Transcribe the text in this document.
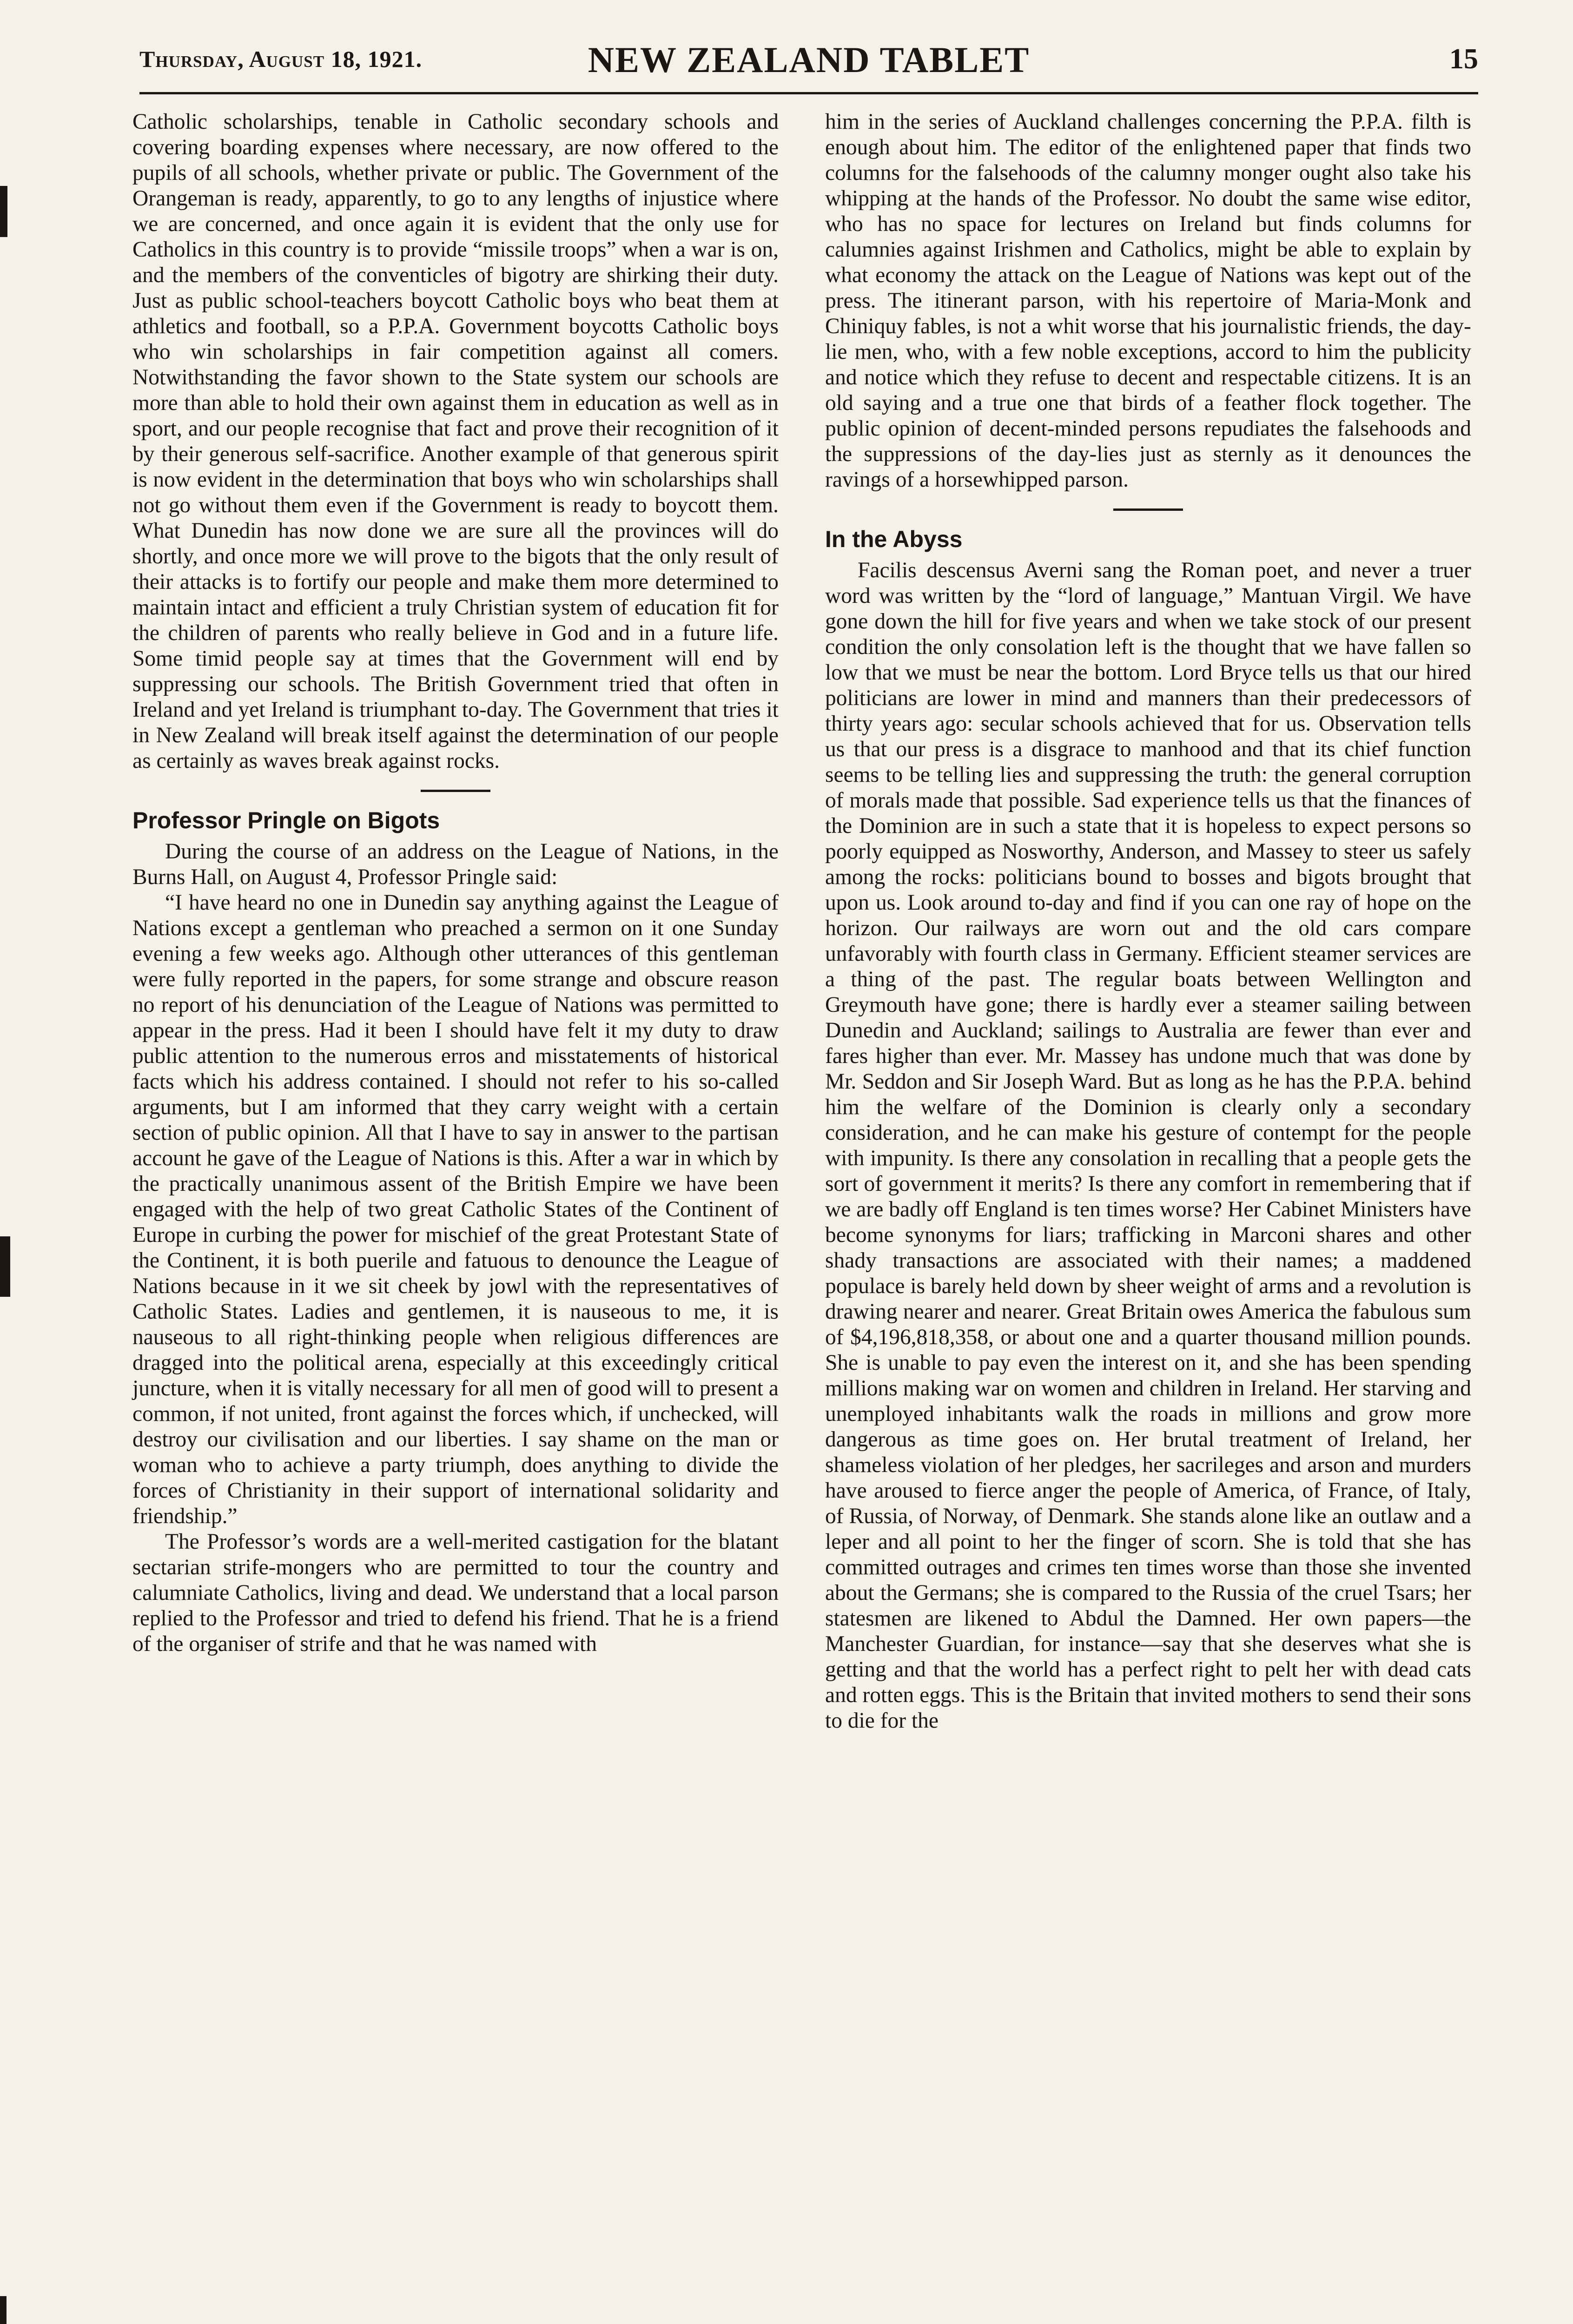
Thursday, August 18, 1921.	NEW ZEALAND TABLET	15

Catholic scholarships, tenable in Catholic secondary schools and covering boarding expenses where necessary, are now offered to the pupils of all schools, whether private or public. The Government of the Orangeman is ready, apparently, to go to any lengths of injustice where we are concerned, and once again it is evident that the only use for Catholics in this country is to provide “missile troops” when a war is on, and the members of the conventicles of bigotry are shirking their duty. Just as public school-teachers boycott Catholic boys who beat them at athletics and football, so a P.P.A. Government boycotts Catholic boys who win scholarships in fair competition against all comers. Notwithstanding the favor shown to the State system our schools are more than able to hold their own against them in education as well as in sport, and our people recognise that fact and prove their recognition of it by their generous self-sacrifice. Another example of that generous spirit is now evident in the determination that boys who win scholarships shall not go without them even if the Government is ready to boycott them. What Dunedin has now done we are sure all the provinces will do shortly, and once more we will prove to the bigots that the only result of their attacks is to fortify our people and make them more determined to maintain intact and efficient a truly Christian system of education fit for the children of parents who really believe in God and in a future life. Some timid people say at times that the Government will end by suppressing our schools. The British Government tried that often in Ireland and yet Ireland is triumphant to-day. The Government that tries it in New Zealand will break itself against the determination of our people as certainly as waves break against rocks.

Professor Pringle on Bigots

During the course of an address on the League of Nations, in the Burns Hall, on August 4, Professor Pringle said:

“I have heard no one in Dunedin say anything against the League of Nations except a gentleman who preached a sermon on it one Sunday evening a few weeks ago. Although other utterances of this gentleman were fully reported in the papers, for some strange and obscure reason no report of his denunciation of the League of Nations was permitted to appear in the press. Had it been I should have felt it my duty to draw public attention to the numerous erros and misstatements of historical facts which his address contained. I should not refer to his so-called arguments, but I am informed that they carry weight with a certain section of public opinion. All that I have to say in answer to the partisan account he gave of the League of Nations is this. After a war in which by the practically unanimous assent of the British Empire we have been engaged with the help of two great Catholic States of the Continent of Europe in curbing the power for mischief of the great Protestant State of the Continent, it is both puerile and fatuous to denounce the League of Nations because in it we sit cheek by jowl with the representatives of Catholic States. Ladies and gentlemen, it is nauseous to me, it is nauseous to all right-thinking people when religious differences are dragged into the political arena, especially at this exceedingly critical juncture, when it is vitally necessary for all men of good will to present a common, if not united, front against the forces which, if unchecked, will destroy our civilisation and our liberties. I say shame on the man or woman who to achieve a party triumph, does anything to divide the forces of Christianity in their support of international solidarity and friendship.”

The Professor’s words are a well-merited castigation for the blatant sectarian strife-mongers who are permitted to tour the country and calumniate Catholics, living and dead. We understand that a local parson replied to the Professor and tried to defend his friend. That he is a friend of the organiser of strife and that he was named with

him in the series of Auckland challenges concerning the P.P.A. filth is enough about him. The editor of the enlightened paper that finds two columns for the falsehoods of the calumny monger ought also take his whipping at the hands of the Professor. No doubt the same wise editor, who has no space for lectures on Ireland but finds columns for calumnies against Irishmen and Catholics, might be able to explain by what economy the attack on the League of Nations was kept out of the press. The itinerant parson, with his repertoire of Maria-Monk and Chiniquy fables, is not a whit worse that his journalistic friends, the day-lie men, who, with a few noble exceptions, accord to him the publicity and notice which they refuse to decent and respectable citizens. It is an old saying and a true one that birds of a feather flock together. The public opinion of decent-minded persons repudiates the falsehoods and the suppressions of the day-lies just as sternly as it denounces the ravings of a horsewhipped parson.

In the Abyss

Facilis descensus Averni sang the Roman poet, and never a truer word was written by the “lord of language,” Mantuan Virgil. We have gone down the hill for five years and when we take stock of our present condition the only consolation left is the thought that we have fallen so low that we must be near the bottom. Lord Bryce tells us that our hired politicians are lower in mind and manners than their predecessors of thirty years ago: secular schools achieved that for us. Observation tells us that our press is a disgrace to manhood and that its chief function seems to be telling lies and suppressing the truth: the general corruption of morals made that possible. Sad experience tells us that the finances of the Dominion are in such a state that it is hopeless to expect persons so poorly equipped as Nosworthy, Anderson, and Massey to steer us safely among the rocks: politicians bound to bosses and bigots brought that upon us. Look around to-day and find if you can one ray of hope on the horizon. Our railways are worn out and the old cars compare unfavorably with fourth class in Germany. Efficient steamer services are a thing of the past. The regular boats between Wellington and Greymouth have gone; there is hardly ever a steamer sailing between Dunedin and Auckland; sailings to Australia are fewer than ever and fares higher than ever. Mr. Massey has undone much that was done by Mr. Seddon and Sir Joseph Ward. But as long as he has the P.P.A. behind him the welfare of the Dominion is clearly only a secondary consideration, and he can make his gesture of contempt for the people with impunity. Is there any consolation in recalling that a people gets the sort of government it merits? Is there any comfort in remembering that if we are badly off England is ten times worse? Her Cabinet Ministers have become synonyms for liars; trafficking in Marconi shares and other shady transactions are associated with their names; a maddened populace is barely held down by sheer weight of arms and a revolution is drawing nearer and nearer. Great Britain owes America the fabulous sum of $4,196,818,358, or about one and a quarter thousand million pounds. She is unable to pay even the interest on it, and she has been spending millions making war on women and children in Ireland. Her starving and unemployed inhabitants walk the roads in millions and grow more dangerous as time goes on. Her brutal treatment of Ireland, her shameless violation of her pledges, her sacrileges and arson and murders have aroused to fierce anger the people of America, of France, of Italy, of Russia, of Norway, of Denmark. She stands alone like an outlaw and a leper and all point to her the finger of scorn. She is told that she has committed outrages and crimes ten times worse than those she invented about the Germans; she is compared to the Russia of the cruel Tsars; her statesmen are likened to Abdul the Damned. Her own papers—the Manchester Guardian, for instance—say that she deserves what she is getting and that the world has a perfect right to pelt her with dead cats and rotten eggs. This is the Britain that invited mothers to send their sons to die for the
